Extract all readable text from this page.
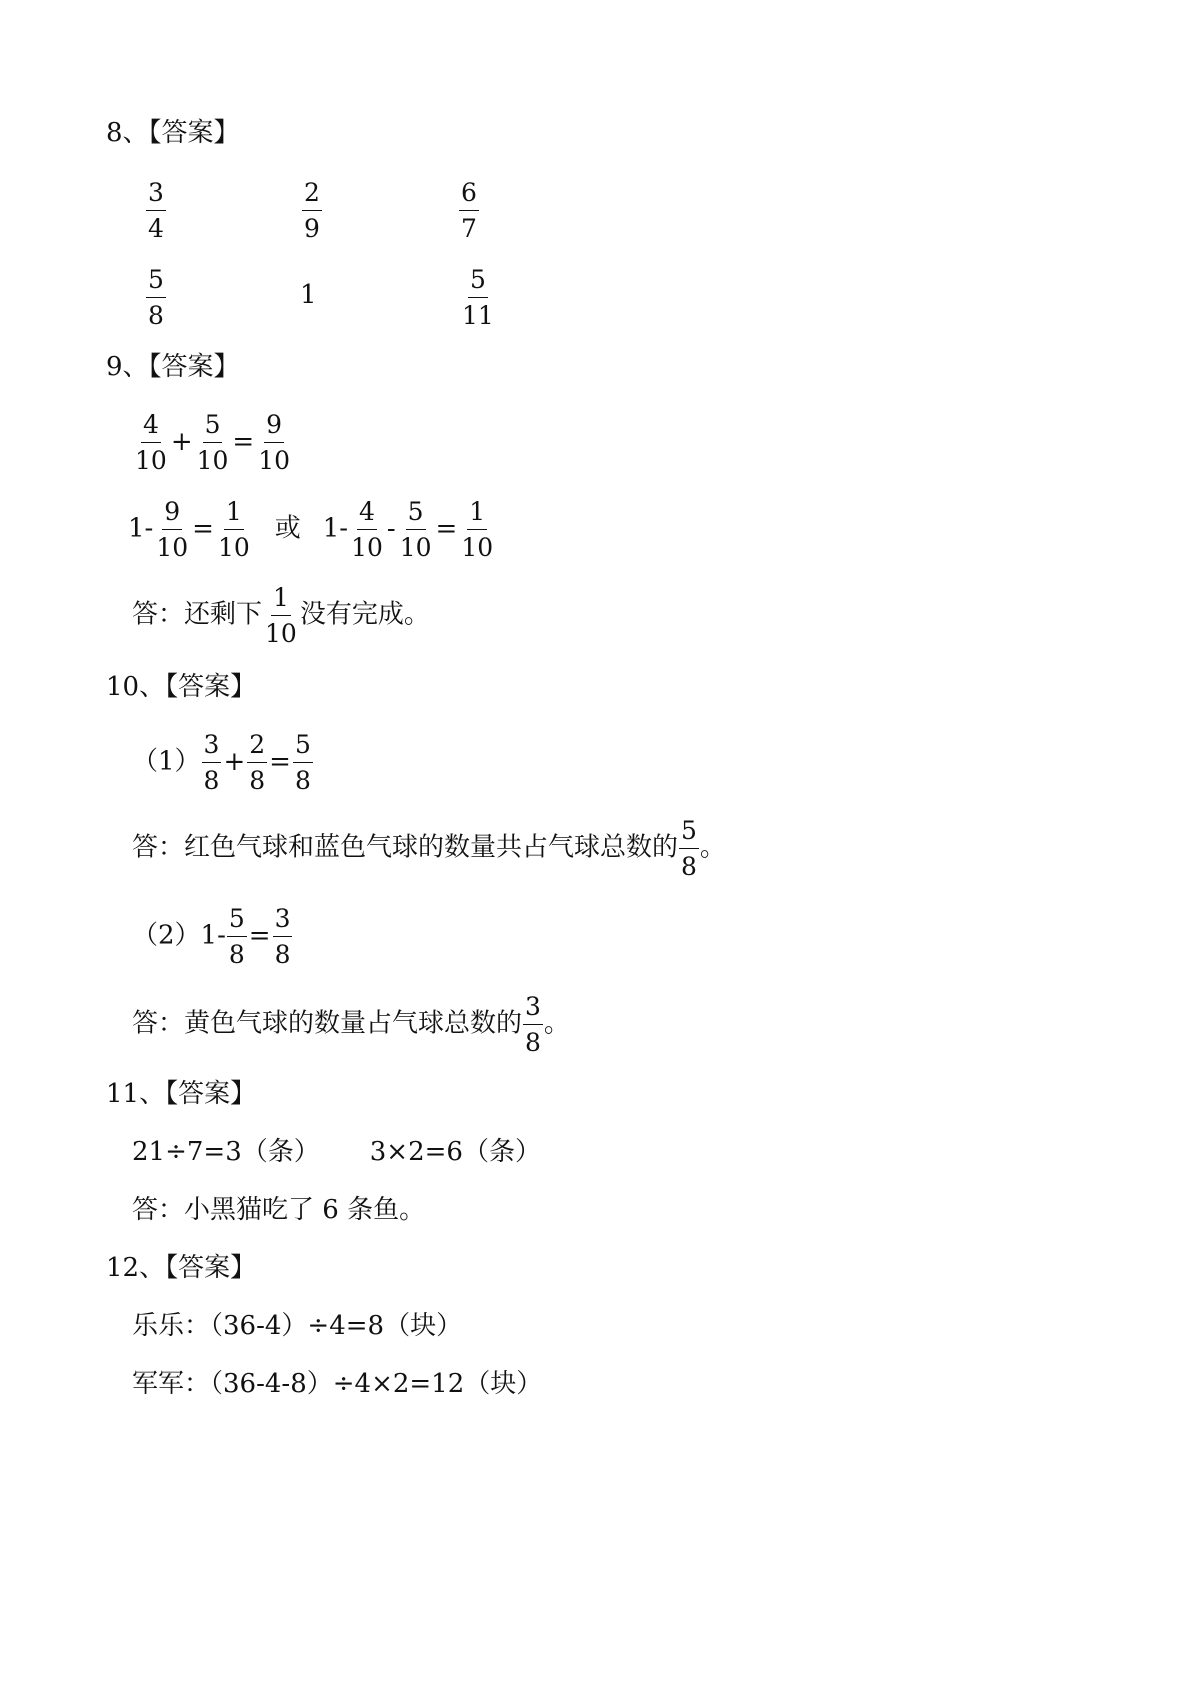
8、【答案】
$\frac{3}{4}$	$\frac{2}{9}$	$\frac{6}{7}$
$\frac{5}{8}$	1	$\frac{5}{11}$
9、【答案】
$\frac{4}{10} + \frac{5}{10} = \frac{9}{10}$
$1- \frac{9}{10} = \frac{1}{10}$ 或 $1- \frac{4}{10} - \frac{5}{10} = \frac{1}{10}$
答：还剩下 $\frac{1}{10}$ 没有完成。
10、【答案】
$(1) \frac{3}{8} + \frac{2}{8} = \frac{5}{8}$
答：红色气球和蓝色气球的数量共占气球总数的 $\frac{5}{8}$ 。
$(2)1- \frac{5}{8} = \frac{3}{8}$
答：黄色气球的数量占气球总数的 $\frac{3}{8}$ 。
11、【答案】
21÷7=3（条） 3×2=6（条）
答：小黑猫吃了 6 条鱼。
12、【答案】
乐乐：（36-4）÷4=8（块）
军军：（36-4-8）÷4×2=12（块）
